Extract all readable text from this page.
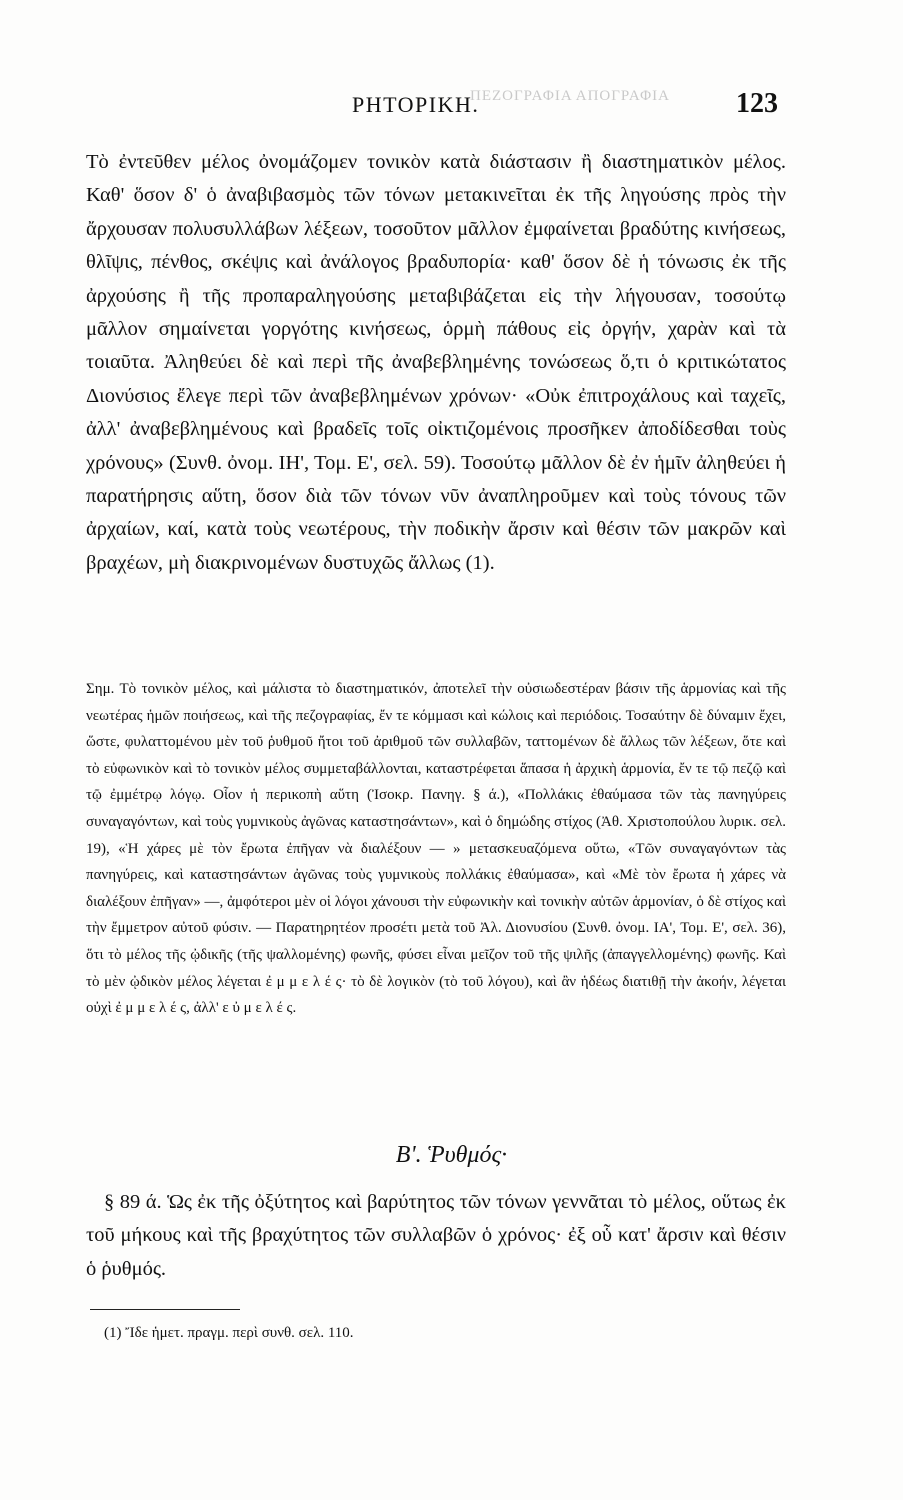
ΠΕΖΟΓΡΑΦΙΑ ΑΠΟΓΡΑΦΙΑ
ΡΗΤΟΡΙΚΗ.	123

Τὸ ἐντεῦθεν μέλος ὀνομάζομεν τονικὸν κατὰ διάστασιν ἢ διαστηματικὸν μέλος. Καθ' ὅσον δ' ὁ ἀναβιβασμὸς τῶν τόνων μετακινεῖται ἐκ τῆς ληγούσης πρὸς τὴν ἄρχουσαν πολυσυλλάβων λέξεων, τοσοῦτον μᾶλλον ἐμφαίνεται βραδύτης κινήσεως, θλῖψις, πένθος, σκέψις καὶ ἀνάλογος βραδυπορία· καθ' ὅσον δὲ ἡ τόνωσις ἐκ τῆς ἀρχούσης ἢ τῆς προπαραληγούσης μεταβιβάζεται εἰς τὴν λήγουσαν, τοσούτῳ μᾶλλον σημαίνεται γοργότης κινήσεως, ὁρμὴ πάθους εἰς ὀργήν, χαρὰν καὶ τὰ τοιαῦτα. Ἀληθεύει δὲ καὶ περὶ τῆς ἀναβεβλημένης τονώσεως ὅ,τι ὁ κριτικώτατος Διονύσιος ἔλεγε περὶ τῶν ἀναβεβλημένων χρόνων· «Οὐκ ἐπιτροχάλους καὶ ταχεῖς, ἀλλ' ἀναβεβλημένους καὶ βραδεῖς τοῖς οἰκτιζομένοις προσῆκεν ἀποδίδεσθαι τοὺς χρόνους» (Συνθ. ὀνομ. ΙΗ', Τομ. Ε', σελ. 59). Τοσούτῳ μᾶλλον δὲ ἐν ἡμῖν ἀληθεύει ἡ παρατήρησις αὕτη, ὅσον διὰ τῶν τόνων νῦν ἀναπληροῦμεν καὶ τοὺς τόνους τῶν ἀρχαίων, καί, κατὰ τοὺς νεωτέρους, τὴν ποδικὴν ἄρσιν καὶ θέσιν τῶν μακρῶν καὶ βραχέων, μὴ διακρινομένων δυστυχῶς ἄλλως (1).

Σημ. Τὸ τονικὸν μέλος, καὶ μάλιστα τὸ διαστηματικόν, ἀποτελεῖ τὴν οὐσιωδεστέραν βάσιν τῆς ἁρμονίας καὶ τῆς νεωτέρας ἡμῶν ποιήσεως, καὶ τῆς πεζογραφίας, ἔν τε κόμμασι καὶ κώλοις καὶ περιόδοις. Τοσαύτην δὲ δύναμιν ἔχει, ὥστε, φυλαττομένου μὲν τοῦ ῥυθμοῦ ἤτοι τοῦ ἀριθμοῦ τῶν συλλαβῶν, ταττομένων δὲ ἄλλως τῶν λέξεων, ὅτε καὶ τὸ εὐφωνικὸν καὶ τὸ τονικὸν μέλος συμμεταβάλλονται, καταστρέφεται ἅπασα ἡ ἀρχικὴ ἁρμονία, ἔν τε τῷ πεζῷ καὶ τῷ ἐμμέτρῳ λόγῳ. Οἷον ἡ περικοπὴ αὕτη (Ἰσοκρ. Πανηγ. § ά.), «Πολλάκις ἐθαύμασα τῶν τὰς πανηγύρεις συναγαγόντων, καὶ τοὺς γυμνικοὺς ἀγῶνας καταστησάντων», καὶ ὁ δημώδης στίχος (Ἀθ. Χριστοπούλου λυρικ. σελ. 19), «Ἡ χάρες μὲ τὸν ἔρωτα ἐπῆγαν νὰ διαλέξουν — » μετασκευαζόμενα οὕτω, «Τῶν συναγαγόντων τὰς πανηγύρεις, καὶ καταστησάντων ἀγῶνας τοὺς γυμνικοὺς πολλάκις ἐθαύμασα», καὶ «Μὲ τὸν ἔρωτα ἡ χάρες νὰ διαλέξουν ἐπῆγαν» —, ἀμφότεροι μὲν οἱ λόγοι χάνουσι τὴν εὐφωνικὴν καὶ τονικὴν αὐτῶν ἁρμονίαν, ὁ δὲ στίχος καὶ τὴν ἔμμετρον αὐτοῦ φύσιν. — Παρατηρητέον προσέτι μετὰ τοῦ Ἀλ. Διονυσίου (Συνθ. ὀνομ. ΙΑ', Τομ. Ε', σελ. 36), ὅτι τὸ μέλος τῆς ᾠδικῆς (τῆς ψαλλομένης) φωνῆς, φύσει εἶναι μεῖζον τοῦ τῆς ψιλῆς (ἀπαγγελλομένης) φωνῆς. Καὶ τὸ μὲν ᾠδικὸν μέλος λέγεται ἐ μ μ ε λ έ ς· τὸ δὲ λογικὸν (τὸ τοῦ λόγου), καὶ ἂν ἡδέως διατιθῇ τὴν ἀκοήν, λέγεται οὐχὶ ἐ μ μ ε λ έ ς, ἀλλ' ε ὐ μ ε λ έ ς.

Β'. Ῥυθμός·

§ 89 ά. Ὡς ἐκ τῆς ὀξύτητος καὶ βαρύτητος τῶν τόνων γεννᾶται τὸ μέλος, οὕτως ἐκ τοῦ μήκους καὶ τῆς βραχύτητος τῶν συλλαβῶν ὁ χρόνος· ἐξ οὗ κατ' ἄρσιν καὶ θέσιν ὁ ῥυθμός.

(1) Ἴδε ἡμετ. πραγμ. περὶ συνθ. σελ. 110.
